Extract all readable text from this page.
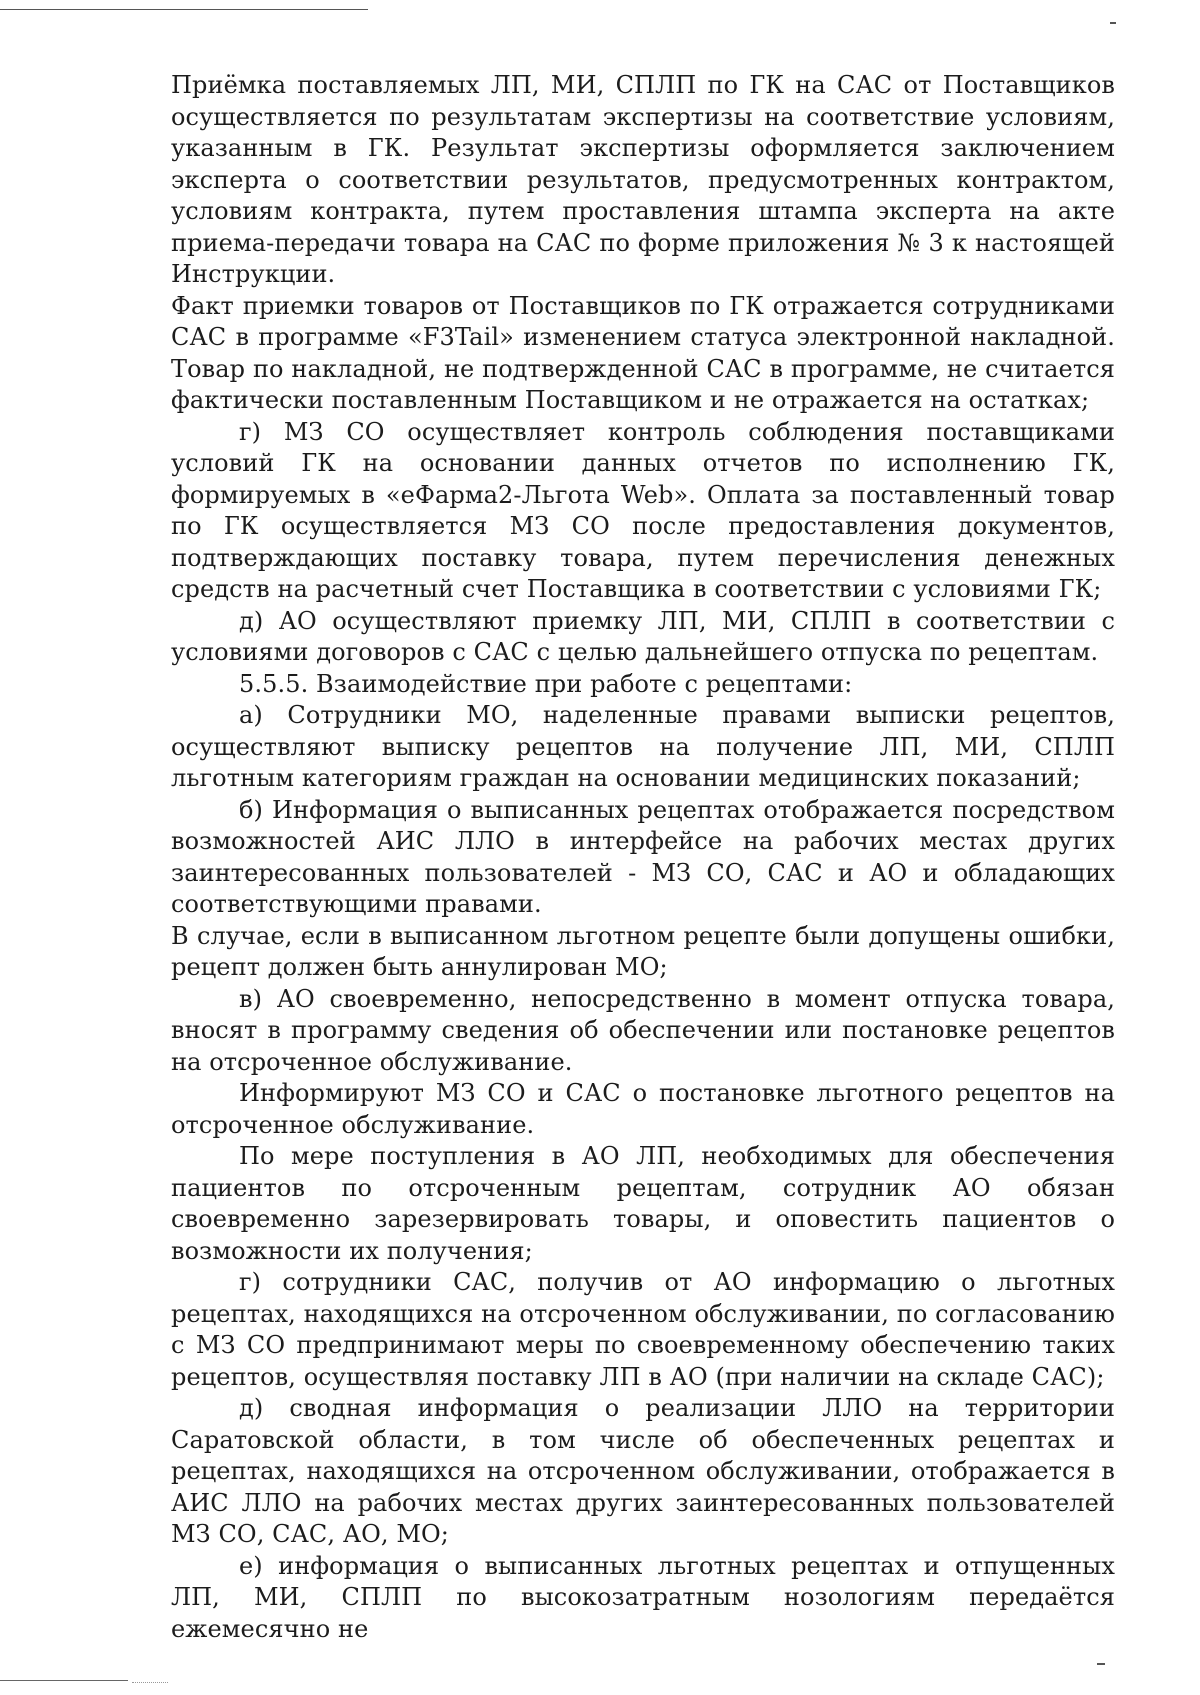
Приёмка поставляемых ЛП, МИ, СПЛП по ГК на САС от Поставщиков осуществляется по результатам экспертизы на соответствие условиям, указанным в ГК. Результат экспертизы оформляется заключением эксперта о соответствии результатов, предусмотренных контрактом, условиям контракта, путем проставления штампа эксперта на акте приема-передачи товара на САС по форме приложения № 3 к настоящей Инструкции.

Факт приемки товаров от Поставщиков по ГК отражается сотрудниками САС в программе «F3Tail» изменением статуса электронной накладной. Товар по накладной, не подтвержденной САС в программе, не считается фактически поставленным Поставщиком и не отражается на остатках;

г) МЗ СО осуществляет контроль соблюдения поставщиками условий ГК на основании данных отчетов по исполнению ГК, формируемых в «еФарма2-Льгота Web». Оплата за поставленный товар по ГК осуществляется МЗ СО после предоставления документов, подтверждающих поставку товара, путем перечисления денежных средств на расчетный счет Поставщика в соответствии с условиями ГК;

д) АО осуществляют приемку ЛП, МИ, СПЛП в соответствии с условиями договоров с САС с целью дальнейшего отпуска по рецептам.

5.5.5. Взаимодействие при работе с рецептами:

а) Сотрудники МО, наделенные правами выписки рецептов, осуществляют выписку рецептов на получение ЛП, МИ, СПЛП льготным категориям граждан на основании медицинских показаний;

б) Информация о выписанных рецептах отображается посредством возможностей АИС ЛЛО в интерфейсе на рабочих местах других заинтересованных пользователей - МЗ СО, САС и АО и обладающих соответствующими правами.

В случае, если в выписанном льготном рецепте были допущены ошибки, рецепт должен быть аннулирован МО;

в) АО своевременно, непосредственно в момент отпуска товара, вносят в программу сведения об обеспечении или постановке рецептов на отсроченное обслуживание.

Информируют МЗ СО и САС о постановке льготного рецептов на отсроченное обслуживание.

По мере поступления в АО ЛП, необходимых для обеспечения пациентов по отсроченным рецептам, сотрудник АО обязан своевременно зарезервировать товары, и оповестить пациентов о возможности их получения;

г) сотрудники САС, получив от АО информацию о льготных рецептах, находящихся на отсроченном обслуживании, по согласованию с МЗ СО предпринимают меры по своевременному обеспечению таких рецептов, осуществляя поставку ЛП в АО (при наличии на складе САС);

д) сводная информация о реализации ЛЛО на территории Саратовской области, в том числе об обеспеченных рецептах и рецептах, находящихся на отсроченном обслуживании, отображается в АИС ЛЛО на рабочих местах других заинтересованных пользователей МЗ СО, САС, АО, МО;

е) информация о выписанных льготных рецептах и отпущенных ЛП, МИ, СПЛП по высокозатратным нозологиям передаётся ежемесячно не
